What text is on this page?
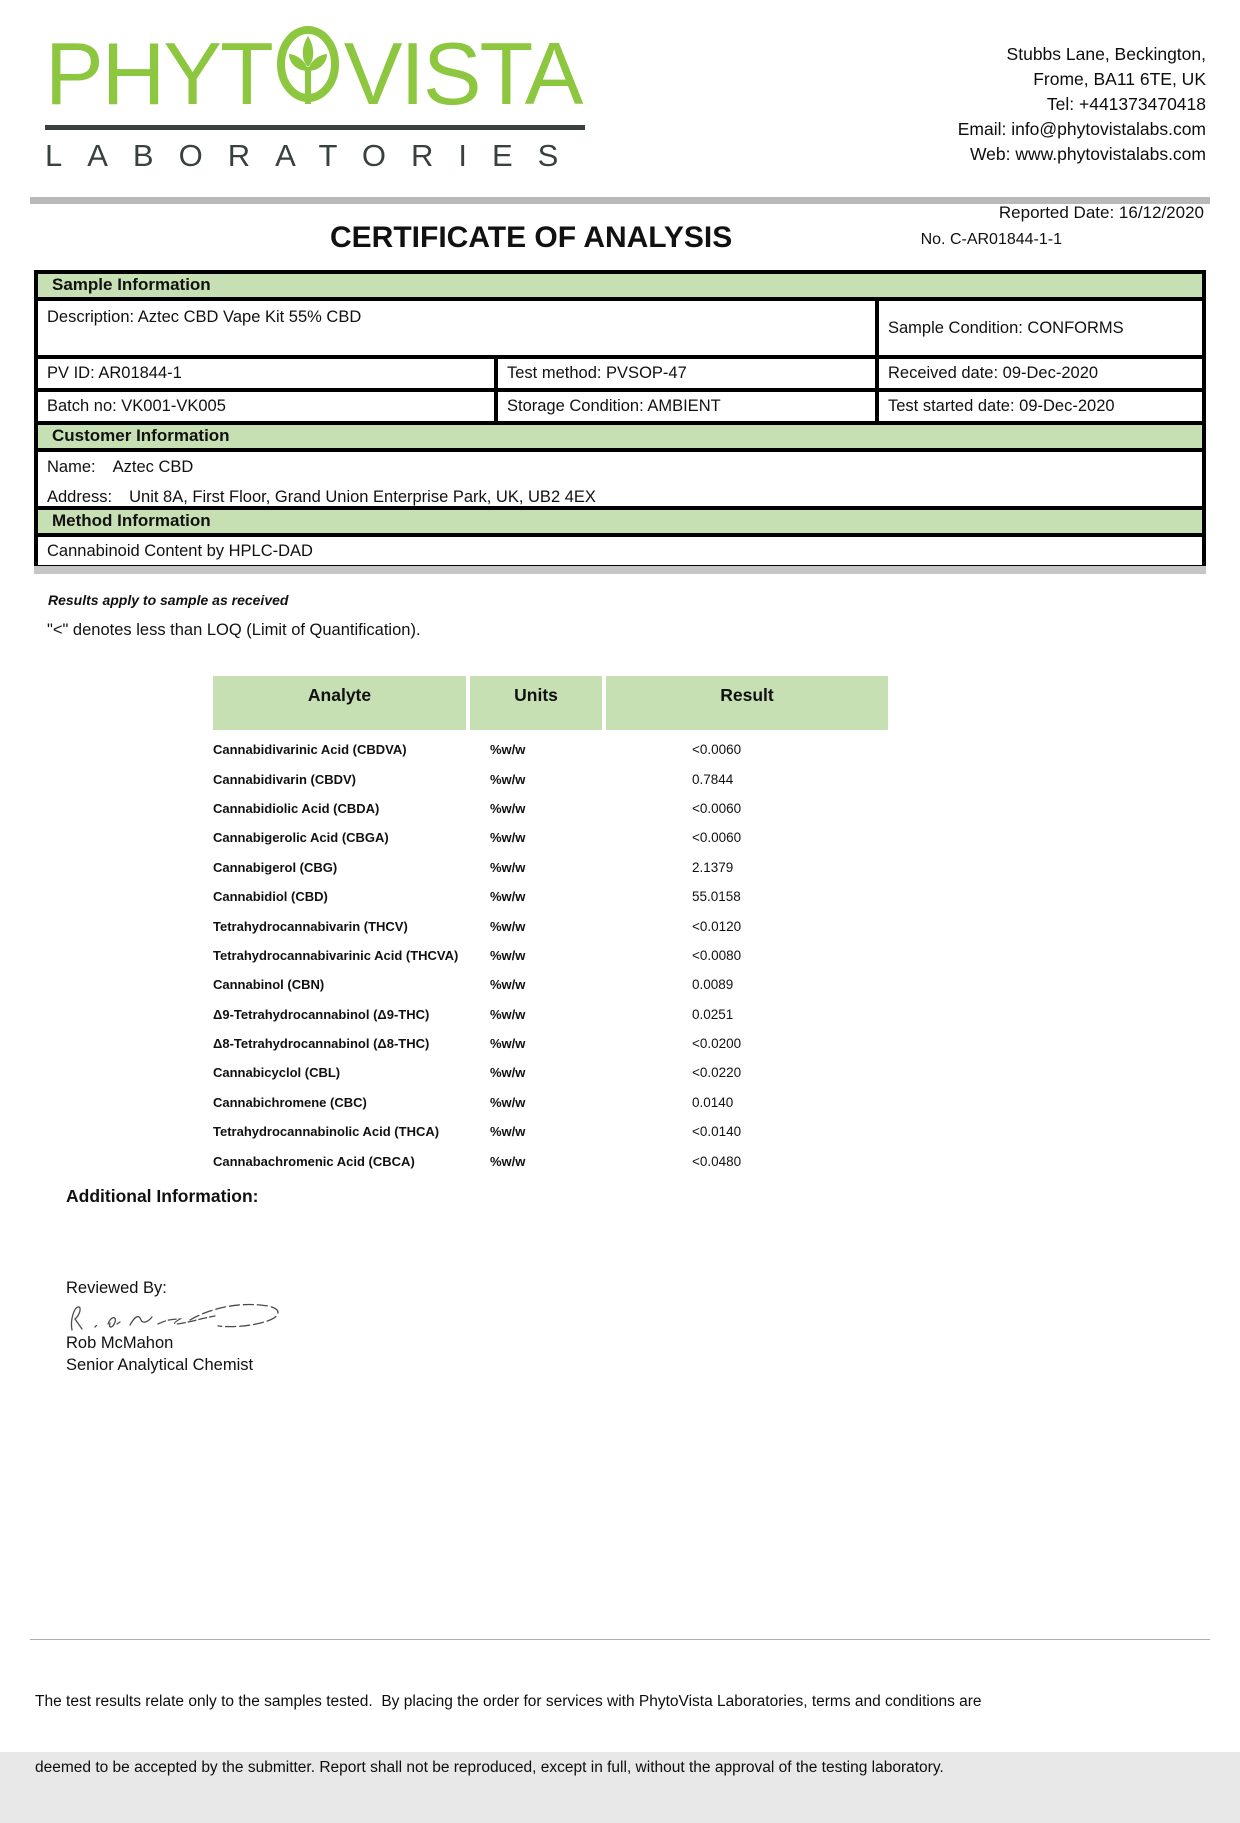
PHYT VISTA
LABORATORIES
Stubbs Lane, Beckington,
Frome, BA11 6TE, UK
Tel: +441373470418
Email: info@phytovistalabs.com
Web: www.phytovistalabs.com
Reported Date: 16/12/2020
CERTIFICATE OF ANALYSIS	No. C-AR01844-1-1
Sample Information
Description: Aztec CBD Vape Kit 55% CBD
Sample Condition: CONFORMS
PV ID: AR01844-1	Test method: PVSOP-47	Received date: 09-Dec-2020
Batch no: VK001-VK005	Storage Condition: AMBIENT	Test started date: 09-Dec-2020
Customer Information
Name: Aztec CBD
Address: Unit 8A, First Floor, Grand Union Enterprise Park, UK, UB2 4EX
Method Information
Cannabinoid Content by HPLC-DAD
Results apply to sample as received
"<" denotes less than LOQ (Limit of Quantification).
Analyte	Units	Result
Cannabidivarinic Acid (CBDVA)	%w/w	<0.0060
Cannabidivarin (CBDV)	%w/w	0.7844
Cannabidiolic Acid (CBDA)	%w/w	<0.0060
Cannabigerolic Acid (CBGA)	%w/w	<0.0060
Cannabigerol (CBG)	%w/w	2.1379
Cannabidiol (CBD)	%w/w	55.0158
Tetrahydrocannabivarin (THCV)	%w/w	<0.0120
Tetrahydrocannabivarinic Acid (THCVA)	%w/w	<0.0080
Cannabinol (CBN)	%w/w	0.0089
Δ9-Tetrahydrocannabinol (Δ9-THC)	%w/w	0.0251
Δ8-Tetrahydrocannabinol (Δ8-THC)	%w/w	<0.0200
Cannabicyclol (CBL)	%w/w	<0.0220
Cannabichromene (CBC)	%w/w	0.0140
Tetrahydrocannabinolic Acid (THCA)	%w/w	<0.0140
Cannabachromenic Acid (CBCA)	%w/w	<0.0480
Additional Information:
Reviewed By:
Rob McMahon
Senior Analytical Chemist

The test results relate only to the samples tested.  By placing the order for services with PhytoVista Laboratories, terms and conditions are

deemed to be accepted by the submitter. Report shall not be reproduced, except in full, without the approval of the testing laboratory.
